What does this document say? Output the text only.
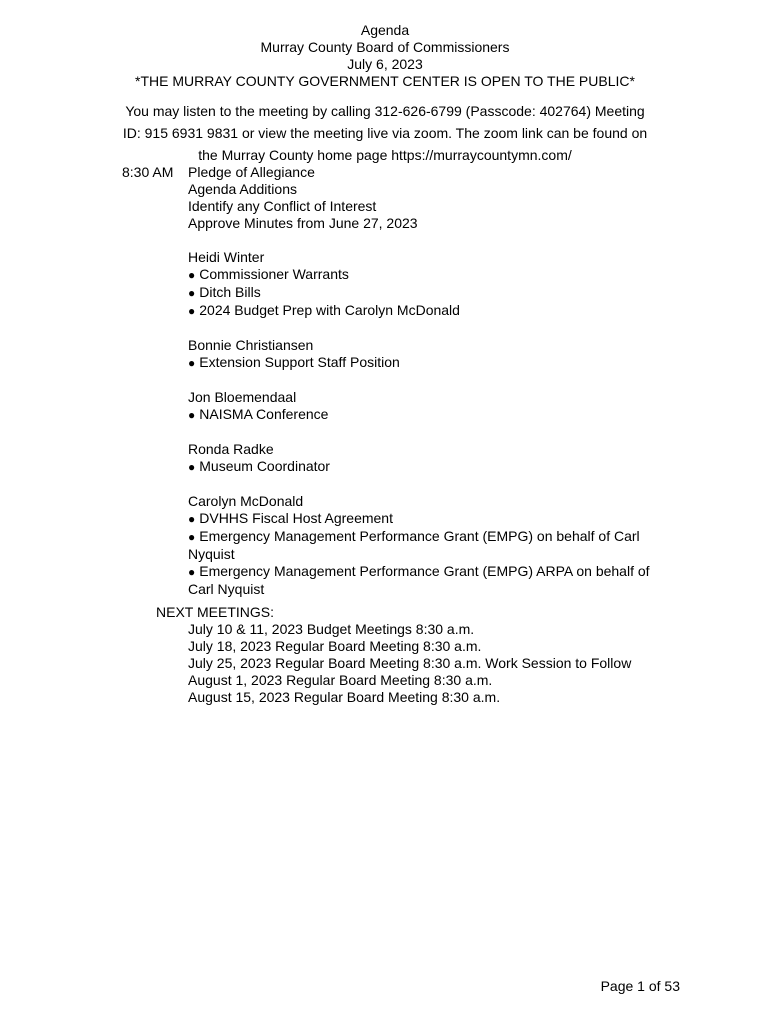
Agenda
Murray County Board of Commissioners
July 6, 2023
*THE MURRAY COUNTY GOVERNMENT CENTER IS OPEN TO THE PUBLIC*
You may listen to the meeting by calling 312-626-6799 (Passcode: 402764) Meeting
ID: 915 6931 9831 or view the meeting live via zoom. The zoom link can be found on
the Murray County home page https://murraycountymn.com/
8:30 AM	Pledge of Allegiance
Agenda Additions
Identify any Conflict of Interest
Approve Minutes from June 27, 2023
Heidi Winter
● Commissioner Warrants
● Ditch Bills
● 2024 Budget Prep with Carolyn McDonald
Bonnie Christiansen
● Extension Support Staff Position
Jon Bloemendaal
● NAISMA Conference
Ronda Radke
● Museum Coordinator
Carolyn McDonald
● DVHHS Fiscal Host Agreement
● Emergency Management Performance Grant (EMPG) on behalf of Carl
Nyquist
● Emergency Management Performance Grant (EMPG) ARPA on behalf of
Carl Nyquist
NEXT MEETINGS:
July 10 & 11, 2023 Budget Meetings 8:30 a.m.
July 18, 2023 Regular Board Meeting 8:30 a.m.
July 25, 2023 Regular Board Meeting 8:30 a.m. Work Session to Follow
August 1, 2023 Regular Board Meeting 8:30 a.m.
August 15, 2023 Regular Board Meeting 8:30 a.m.
Page 1 of 53
